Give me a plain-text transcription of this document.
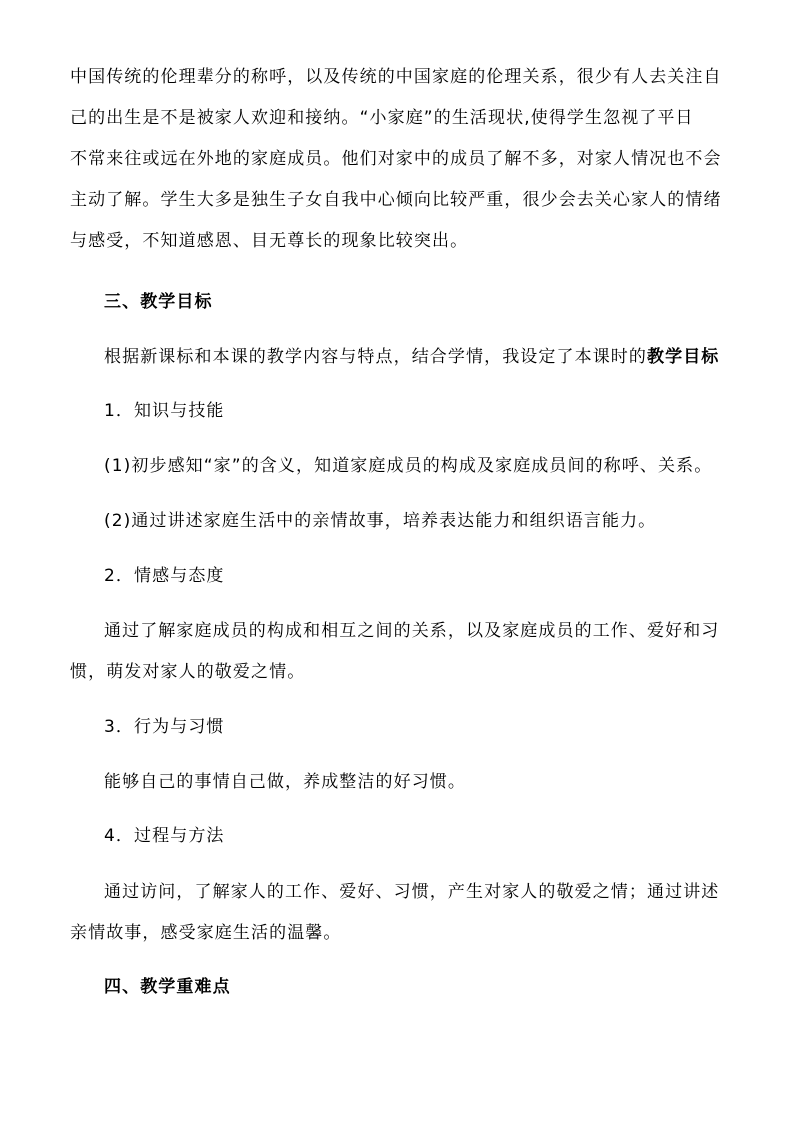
中国传统的伦理辈分的称呼，以及传统的中国家庭的伦理关系，很少有人去关注自
己的出生是不是被家人欢迎和接纳。“小家庭”的生活现状,使得学生忽视了平日
不常来往或远在外地的家庭成员。他们对家中的成员了解不多，对家人情况也不会
主动了解。学生大多是独生子女自我中心倾向比较严重，很少会去关心家人的情绪
与感受，不知道感恩、目无尊长的现象比较突出。
三、教学目标
根据新课标和本课的教学内容与特点，结合学情，我设定了本课时的教学目标
1．知识与技能
(1)初步感知“家”的含义，知道家庭成员的构成及家庭成员间的称呼、关系。
(2)通过讲述家庭生活中的亲情故事，培养表达能力和组织语言能力。
2．情感与态度
通过了解家庭成员的构成和相互之间的关系，以及家庭成员的工作、爱好和习
惯，萌发对家人的敬爱之情。
3．行为与习惯
能够自己的事情自己做，养成整洁的好习惯。
4．过程与方法
通过访问，了解家人的工作、爱好、习惯，产生对家人的敬爱之情；通过讲述
亲情故事，感受家庭生活的温馨。
四、教学重难点
